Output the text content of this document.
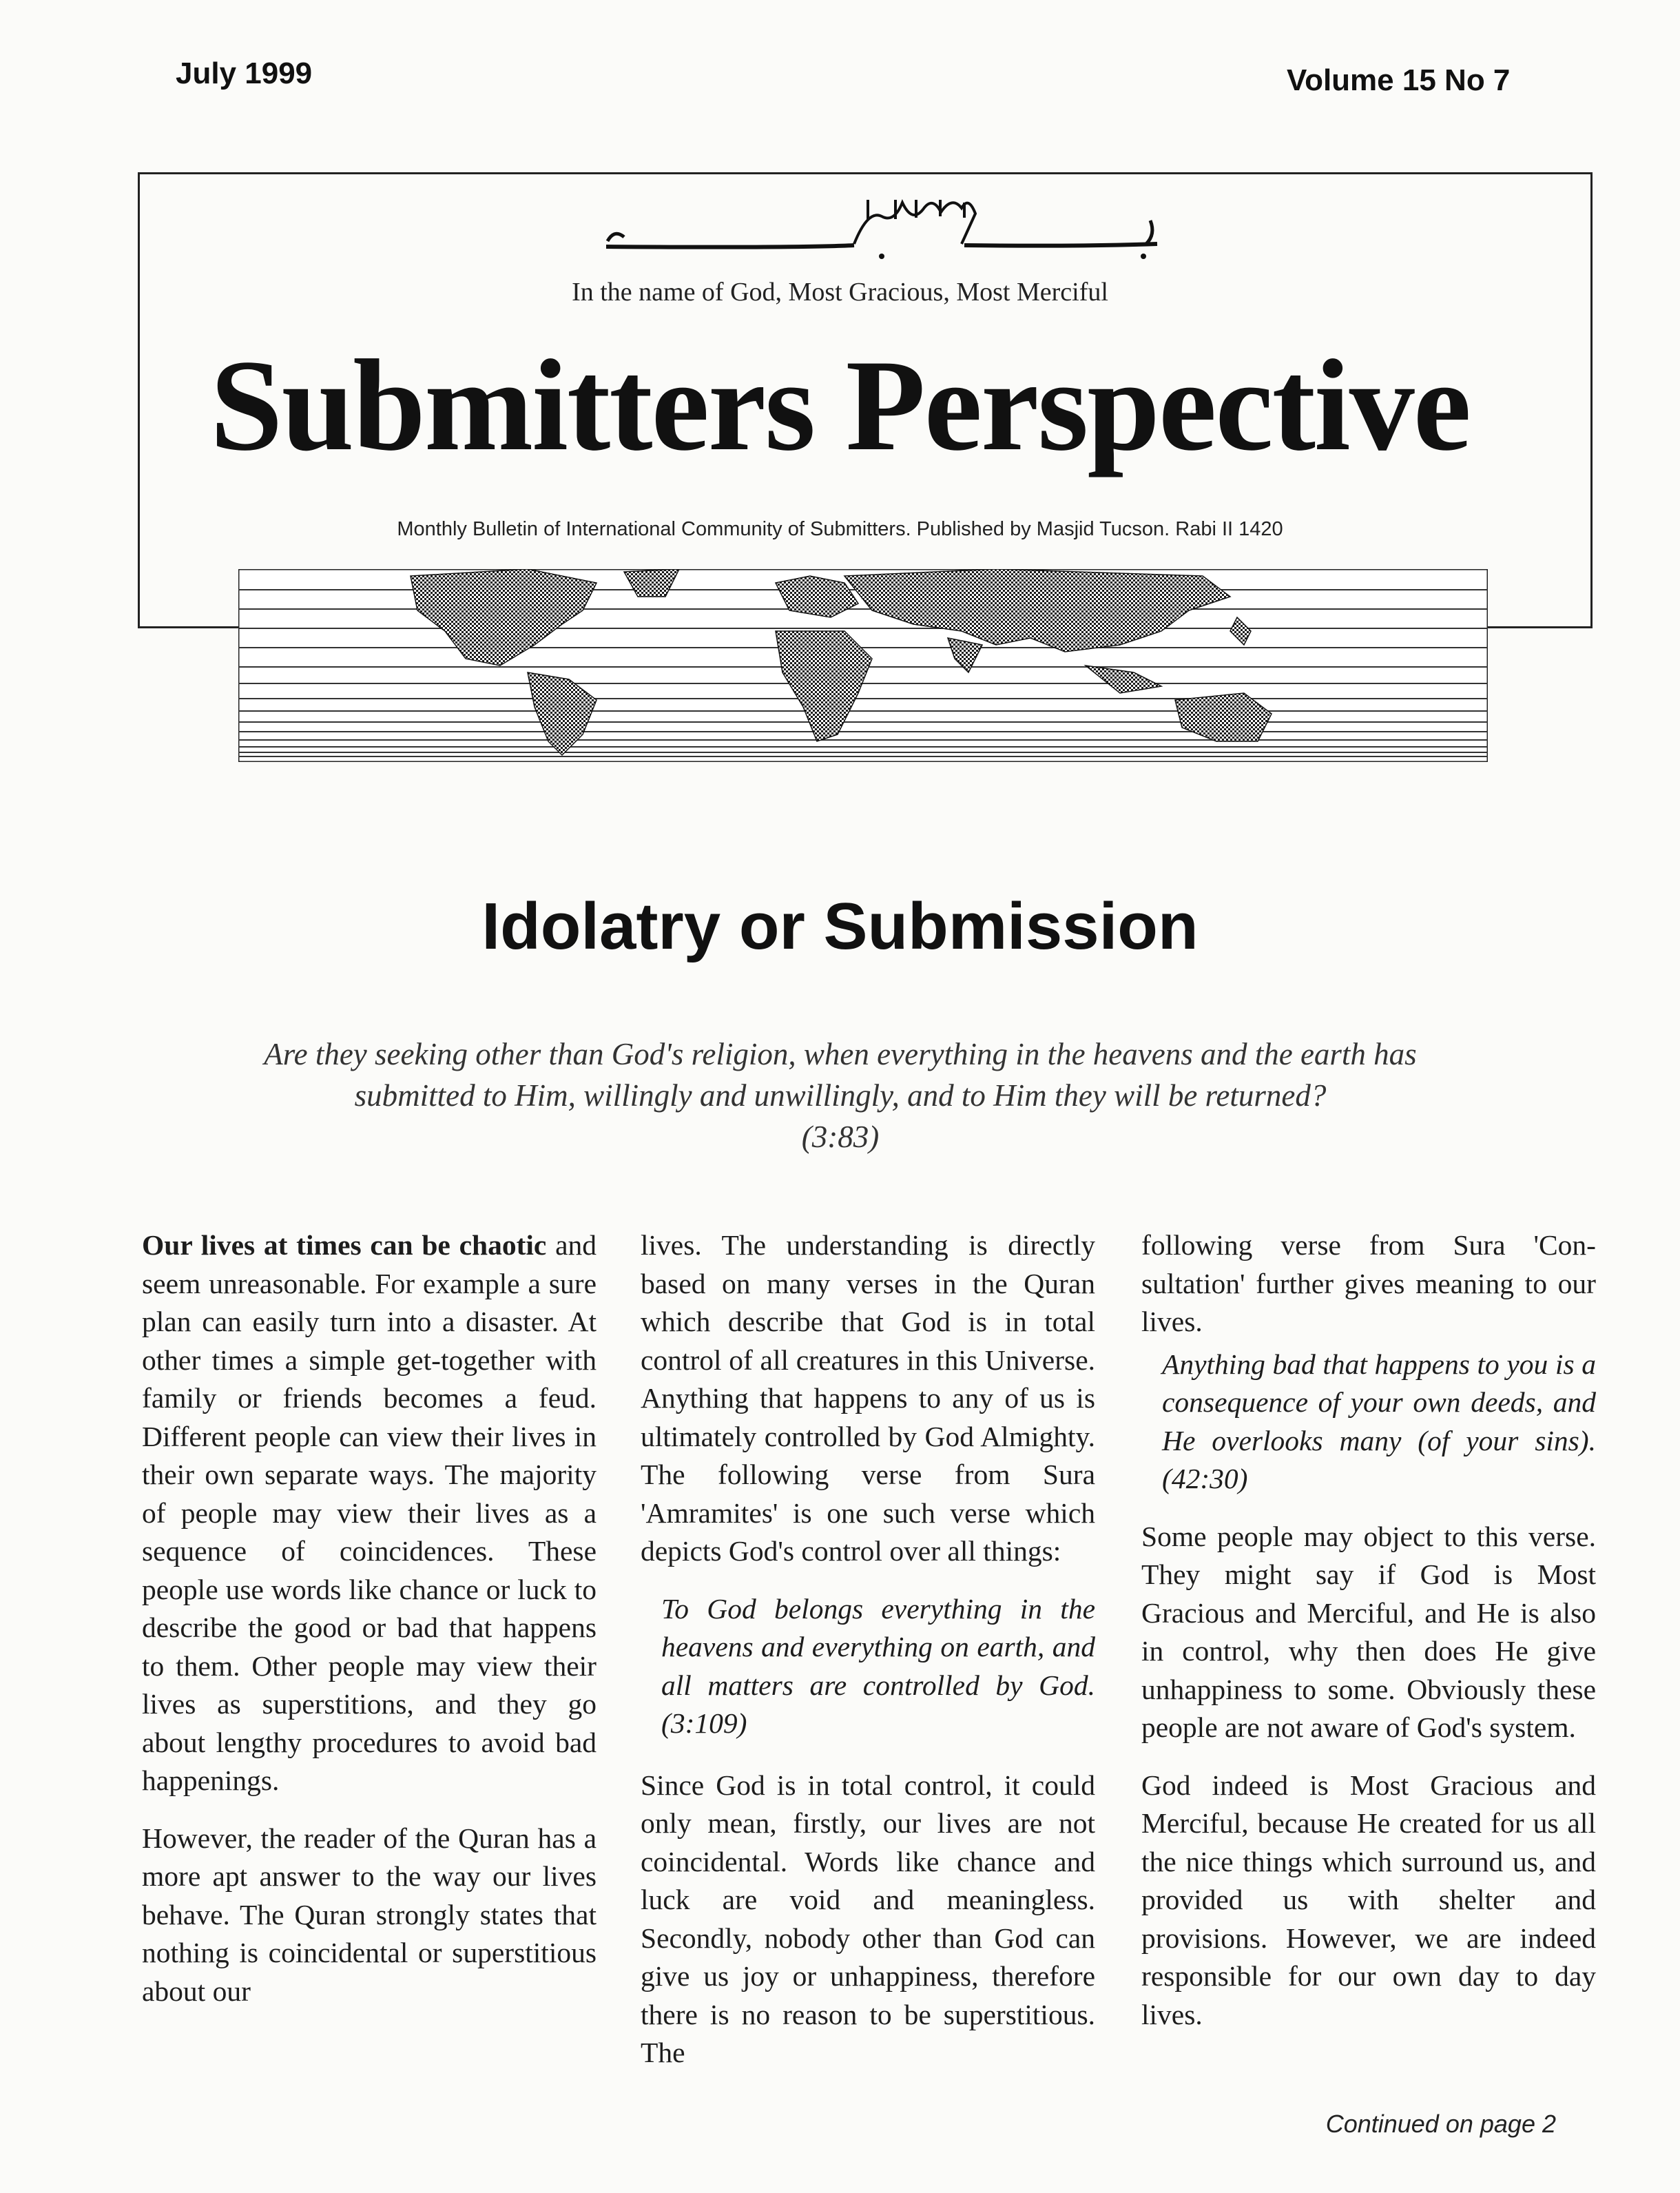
July 1999	Volume 15 No 7
In the name of God, Most Gracious, Most Merciful
Submitters Perspective
Monthly Bulletin of International Community of Submitters. Published by Masjid Tucson. Rabi II 1420
Idolatry or Submission
Are they seeking other than God's religion, when everything in the heavens and the earth has submitted to Him, willingly and unwillingly, and to Him they will be returned?
(3:83)

Our lives at times can be chaotic and seem unreasonable. For example a sure plan can easily turn into a disaster. At other times a simple get-together with family or friends becomes a feud. Different people can view their lives in their own separate ways. The majority of people may view their lives as a sequence of coincidences. These people use words like chance or luck to describe the good or bad that happens to them. Other people may view their lives as superstitions, and they go about lengthy procedures to avoid bad happenings.

However, the reader of the Quran has a more apt answer to the way our lives behave. The Quran strongly states that nothing is coincidental or superstitious about our

lives. The understanding is directly based on many verses in the Quran which describe that God is in total control of all creatures in this Universe. Anything that happens to any of us is ultimately controlled by God Almighty. The following verse from Sura 'Amramites' is one such verse which depicts God's control over all things:

To God belongs everything in the heavens and everything on earth, and all matters are controlled by God. (3:109)

Since God is in total control, it could only mean, firstly, our lives are not coincidental. Words like chance and luck are void and meaningless. Secondly, nobody other than God can give us joy or unhappiness, therefore there is no reason to be superstitious. The

following verse from Sura 'Consultation' further gives meaning to our lives.

Anything bad that happens to you is a consequence of your own deeds, and He overlooks many (of your sins). (42:30)

Some people may object to this verse. They might say if God is Most Gracious and Merciful, and He is also in control, why then does He give unhappiness to some. Obviously these people are not aware of God's system.

God indeed is Most Gracious and Merciful, because He created for us all the nice things which surround us, and provided us with shelter and provisions. However, we are indeed responsible for our own day to day lives.

Continued on page 2
